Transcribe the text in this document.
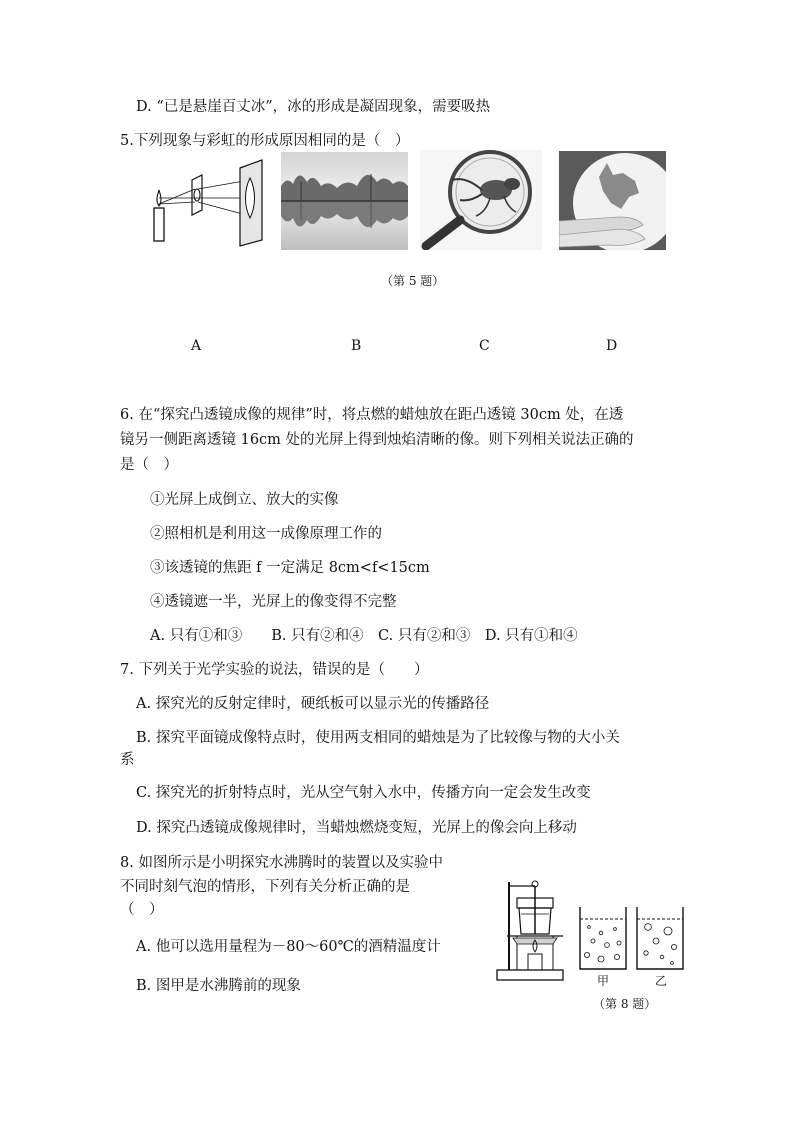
D. “已是悬崖百丈冰”，冰的形成是凝固现象，需要吸热
5.下列现象与彩虹的形成原因相同的是（　）
（第 5 题）
A	B	C	D
6. 在“探究凸透镜成像的规律”时，将点燃的蜡烛放在距凸透镜 30cm 处，在透
镜另一侧距离透镜 16cm 处的光屏上得到烛焰清晰的像。则下列相关说法正确的
是（　）
①光屏上成倒立、放大的实像
②照相机是利用这一成像原理工作的
③该透镜的焦距 f 一定满足 8cm<f<15cm
④透镜遮一半，光屏上的像变得不完整
A. 只有①和③　　B. 只有②和④　C. 只有②和③　D. 只有①和④
7. 下列关于光学实验的说法，错误的是（　　）
A. 探究光的反射定律时，硬纸板可以显示光的传播路径
B. 探究平面镜成像特点时，使用两支相同的蜡烛是为了比较像与物的大小关
系
C. 探究光的折射特点时，光从空气射入水中，传播方向一定会发生改变
D. 探究凸透镜成像规律时，当蜡烛燃烧变短，光屏上的像会向上移动
8. 如图所示是小明探究水沸腾时的装置以及实验中
不同时刻气泡的情形，下列有关分析正确的是
（　）
A. 他可以选用量程为－80～60℃的酒精温度计
B. 图甲是水沸腾前的现象	甲	乙
（第 8 题）
